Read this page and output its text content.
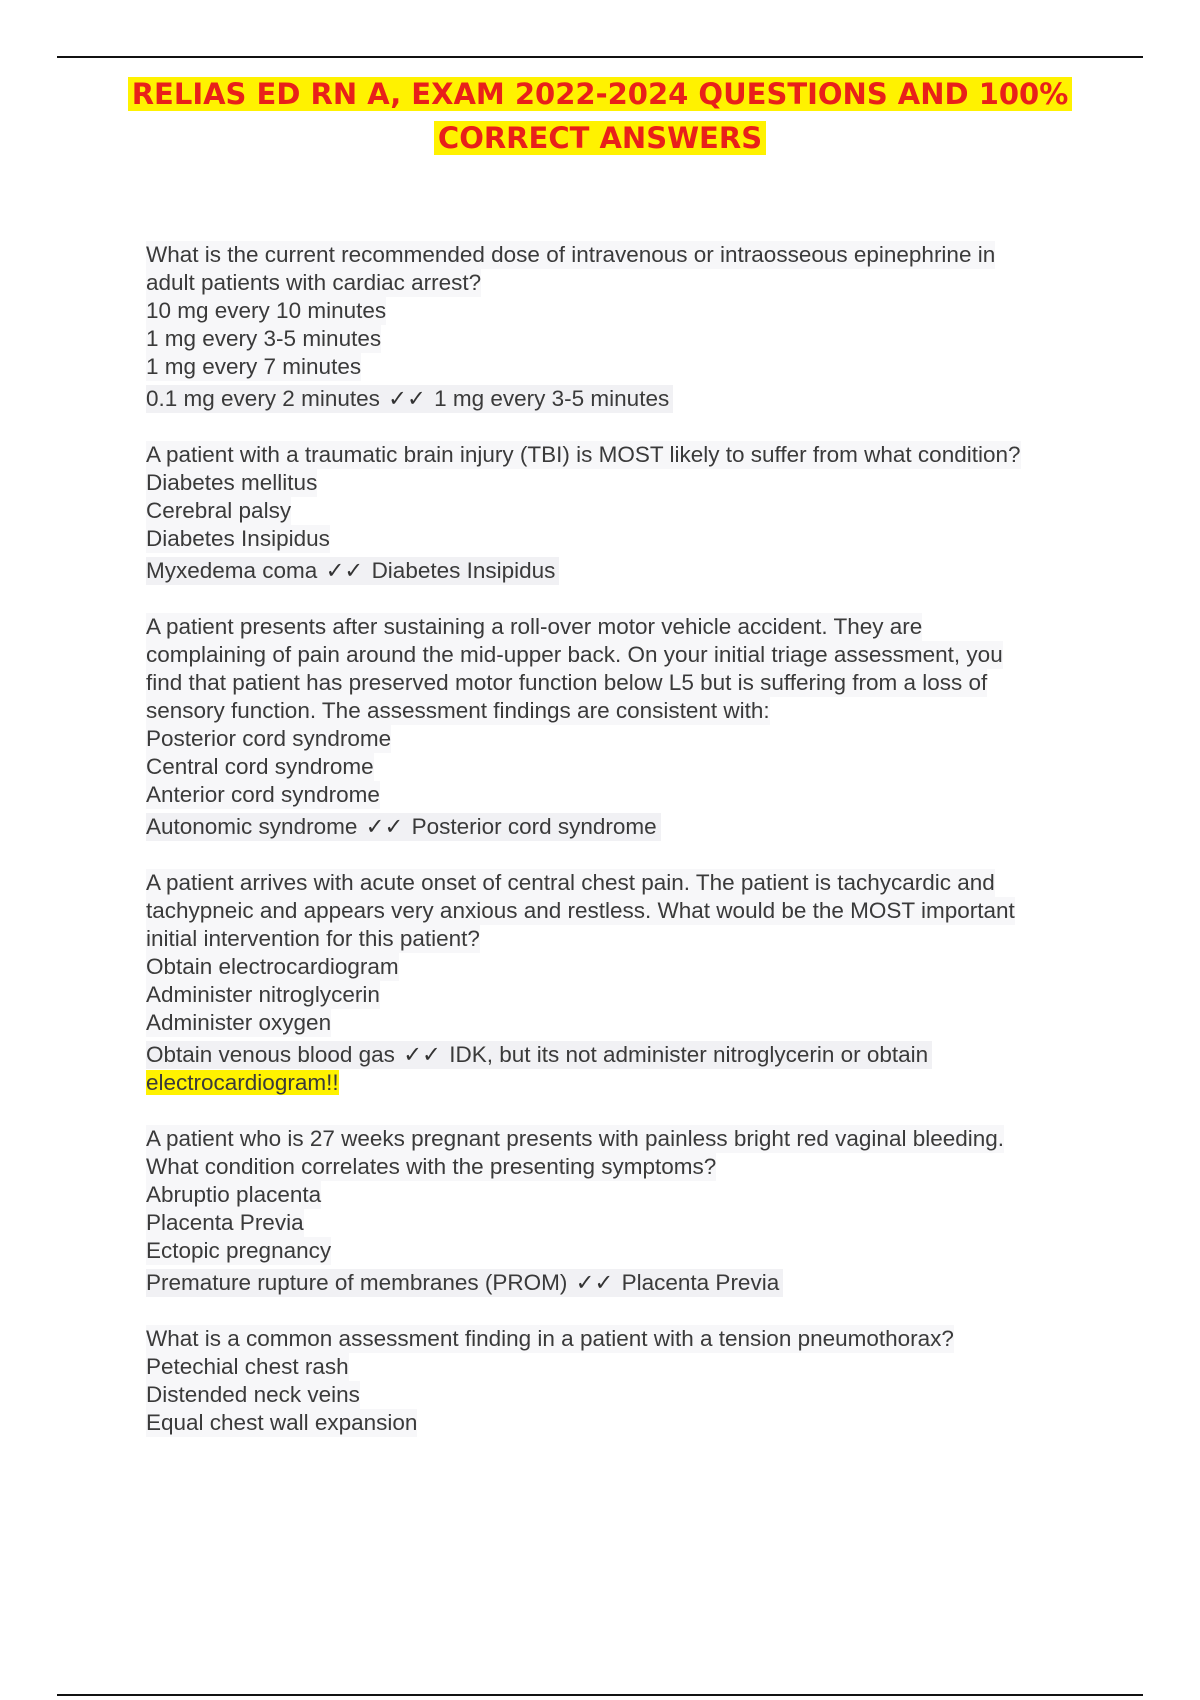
RELIAS ED RN A, EXAM 2022-2024 QUESTIONS AND 100%
CORRECT ANSWERS
What is the current recommended dose of intravenous or intraosseous epinephrine in
adult patients with cardiac arrest?
10 mg every 10 minutes
1 mg every 3-5 minutes
1 mg every 7 minutes
0.1 mg every 2 minutes ✓✓ 1 mg every 3-5 minutes
A patient with a traumatic brain injury (TBI) is MOST likely to suffer from what condition?
Diabetes mellitus
Cerebral palsy
Diabetes Insipidus
Myxedema coma ✓✓ Diabetes Insipidus
A patient presents after sustaining a roll-over motor vehicle accident. They are
complaining of pain around the mid-upper back. On your initial triage assessment, you
find that patient has preserved motor function below L5 but is suffering from a loss of
sensory function. The assessment findings are consistent with:
Posterior cord syndrome
Central cord syndrome
Anterior cord syndrome
Autonomic syndrome ✓✓ Posterior cord syndrome
A patient arrives with acute onset of central chest pain. The patient is tachycardic and
tachypneic and appears very anxious and restless. What would be the MOST important
initial intervention for this patient?
Obtain electrocardiogram
Administer nitroglycerin
Administer oxygen
Obtain venous blood gas ✓✓ IDK, but its not administer nitroglycerin or obtain
electrocardiogram!!
A patient who is 27 weeks pregnant presents with painless bright red vaginal bleeding.
What condition correlates with the presenting symptoms?
Abruptio placenta
Placenta Previa
Ectopic pregnancy
Premature rupture of membranes (PROM) ✓✓ Placenta Previa
What is a common assessment finding in a patient with a tension pneumothorax?
Petechial chest rash
Distended neck veins
Equal chest wall expansion
